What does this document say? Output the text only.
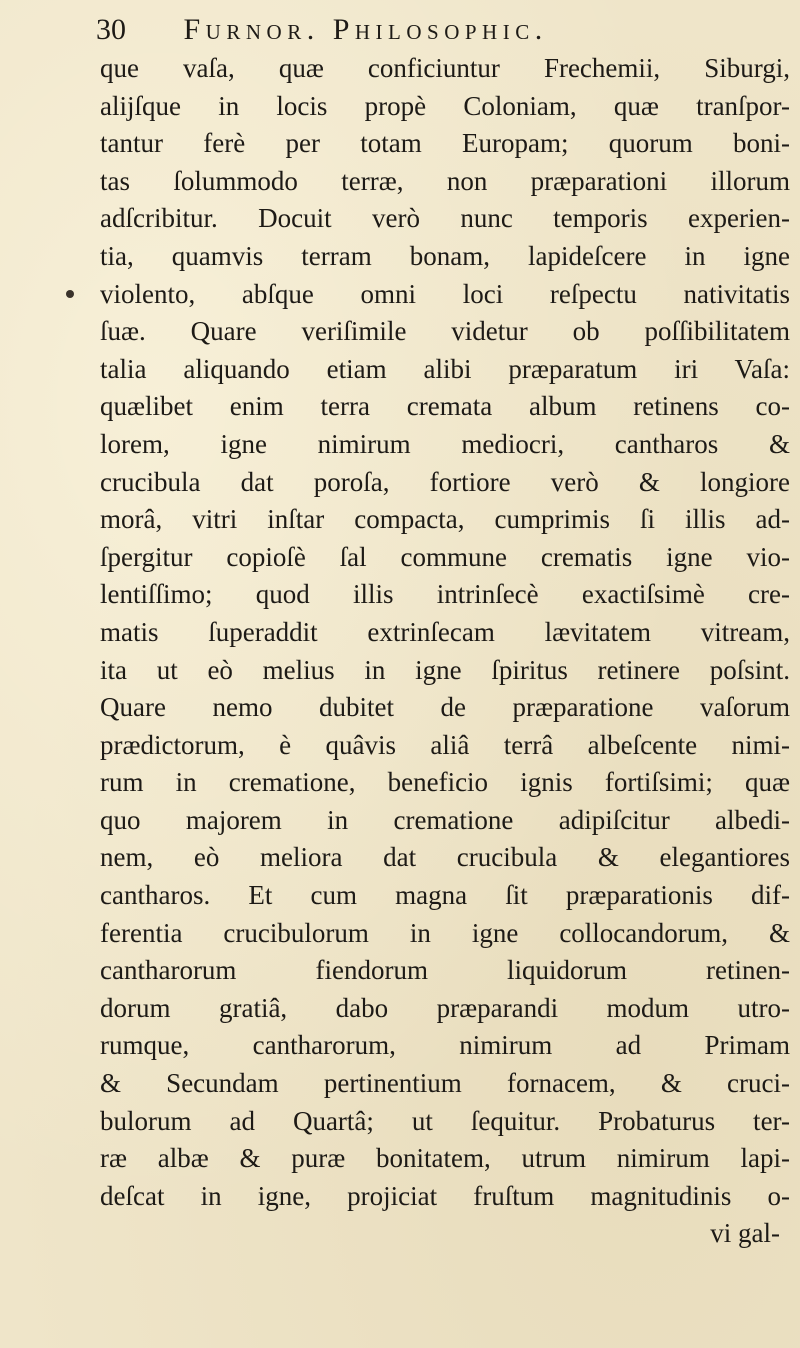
30 Furnor. Philosophic.
que vaſa, quæ conficiuntur Frechemii, Siburgi,
alijſque in locis propè Coloniam, quæ tranſpor-
tantur ferè per totam Europam; quorum boni-
tas ſolummodo terræ, non præparationi illorum
adſcribitur. Docuit verò nunc temporis experien-
tia, quamvis terram bonam, lapideſcere in igne
violento, abſque omni loci reſpectu nativitatis
ſuæ. Quare veriſimile videtur ob poſſibilitatem
talia aliquando etiam alibi præparatum iri Vaſa:
quælibet enim terra cremata album retinens co-
lorem, igne nimirum mediocri, cantharos &
crucibula dat poroſa, fortiore verò & longiore
morâ, vitri inſtar compacta, cumprimis ſi illis ad-
ſpergitur copioſè ſal commune crematis igne vio-
lentiſſimo; quod illis intrinſecè exactiſsimè cre-
matis ſuperaddit extrinſecam lævitatem vitream,
ita ut eò melius in igne ſpiritus retinere poſsint.
Quare nemo dubitet de præparatione vaſorum
prædictorum, è quâvis aliâ terrâ albeſcente nimi-
rum in crematione, beneficio ignis fortiſsimi; quæ
quo majorem in crematione adipiſcitur albedi-
nem, eò meliora dat crucibula & elegantiores
cantharos. Et cum magna ſit præparationis dif-
ferentia crucibulorum in igne collocandorum, &
cantharorum fiendorum liquidorum retinen-
dorum gratiâ, dabo præparandi modum utro-
rumque, cantharorum, nimirum ad Primam
& Secundam pertinentium fornacem, & cruci-
bulorum ad Quartâ; ut ſequitur. Probaturus ter-
ræ albæ & puræ bonitatem, utrum nimirum lapi-
deſcat in igne, projiciat fruſtum magnitudinis o-
vi gal-
